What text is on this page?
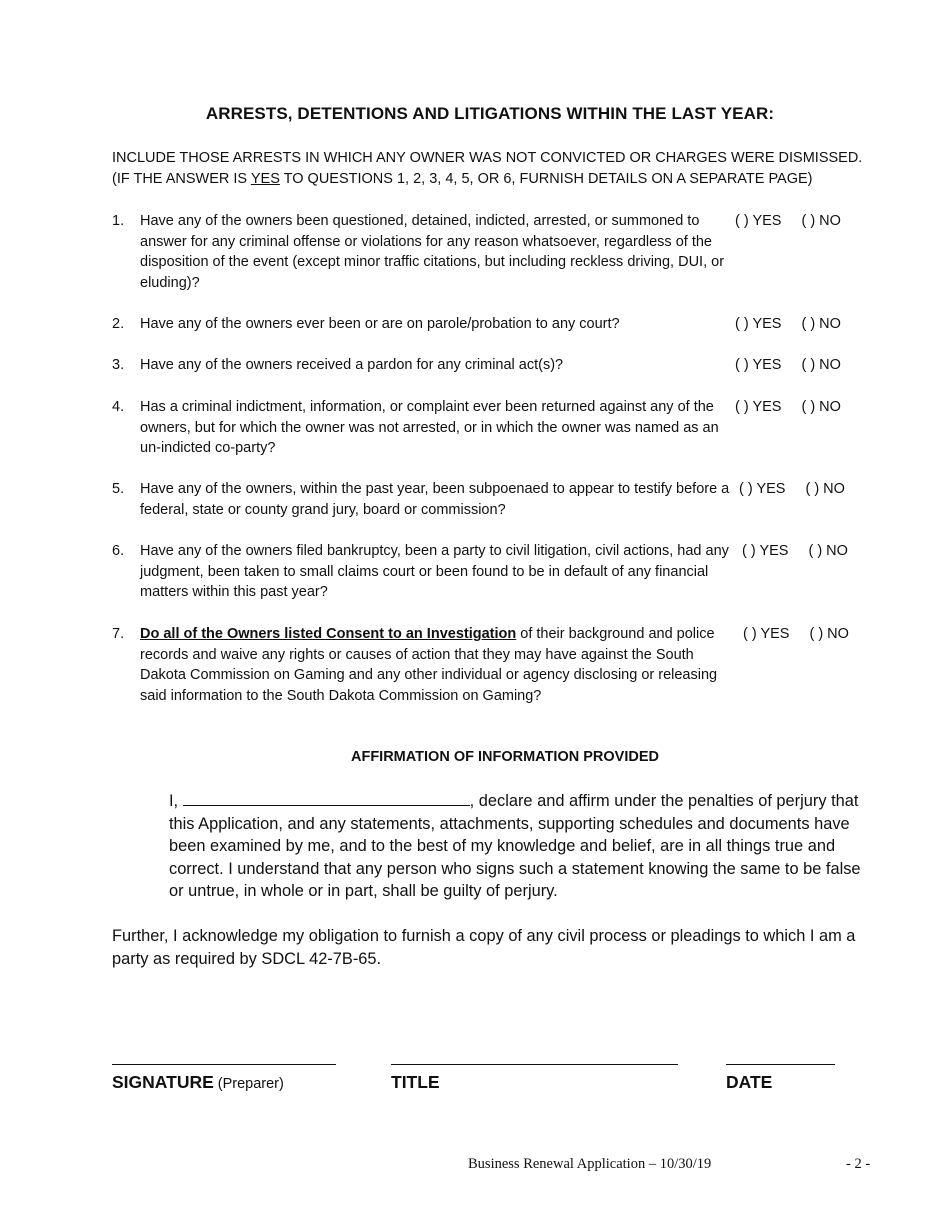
ARRESTS, DETENTIONS AND LITIGATIONS WITHIN THE LAST YEAR:
INCLUDE THOSE ARRESTS IN WHICH ANY OWNER WAS NOT CONVICTED OR CHARGES WERE DISMISSED. (IF THE ANSWER IS YES TO QUESTIONS 1, 2, 3, 4, 5, OR 6, FURNISH DETAILS ON A SEPARATE PAGE)
1. Have any of the owners been questioned, detained, indicted, arrested, or summoned to answer for any criminal offense or violations for any reason whatsoever, regardless of the disposition of the event (except minor traffic citations, but including reckless driving, DUI, or eluding)?
( ) YES ( ) NO
2. Have any of the owners ever been or are on parole/probation to any court?	( ) YES ( ) NO
3. Have any of the owners received a pardon for any criminal act(s)?	( ) YES ( ) NO
4. Has a criminal indictment, information, or complaint ever been returned against any of the owners, but for which the owner was not arrested, or in which the owner was named as an un-indicted co-party?
( ) YES ( ) NO
5. Have any of the owners, within the past year, been subpoenaed to appear to testify before a federal, state or county grand jury, board or commission?
( ) YES ( ) NO
6. Have any of the owners filed bankruptcy, been a party to civil litigation, civil actions, had any judgment, been taken to small claims court or been found to be in default of any financial matters within this past year?
( ) YES ( ) NO
7. Do all of the Owners listed Consent to an Investigation of their background and police records and waive any rights or causes of action that they may have against the South Dakota Commission on Gaming and any other individual or agency disclosing or releasing said information to the South Dakota Commission on Gaming?
( ) YES ( ) NO
AFFIRMATION OF INFORMATION PROVIDED

I,	, declare and affirm under the penalties of perjury that this Application, and any statements, attachments, supporting schedules and documents have been examined by me, and to the best of my knowledge and belief, are in all things true and correct. I understand that any person who signs such a statement knowing the same to be false or untrue, in whole or in part, shall be guilty of perjury.

Further, I acknowledge my obligation to furnish a copy of any civil process or pleadings to which I am a party as required by SDCL 42-7B-65.

SIGNATURE (Preparer)	TITLE	DATE
Business Renewal Application – 10/30/19	- 2 -
